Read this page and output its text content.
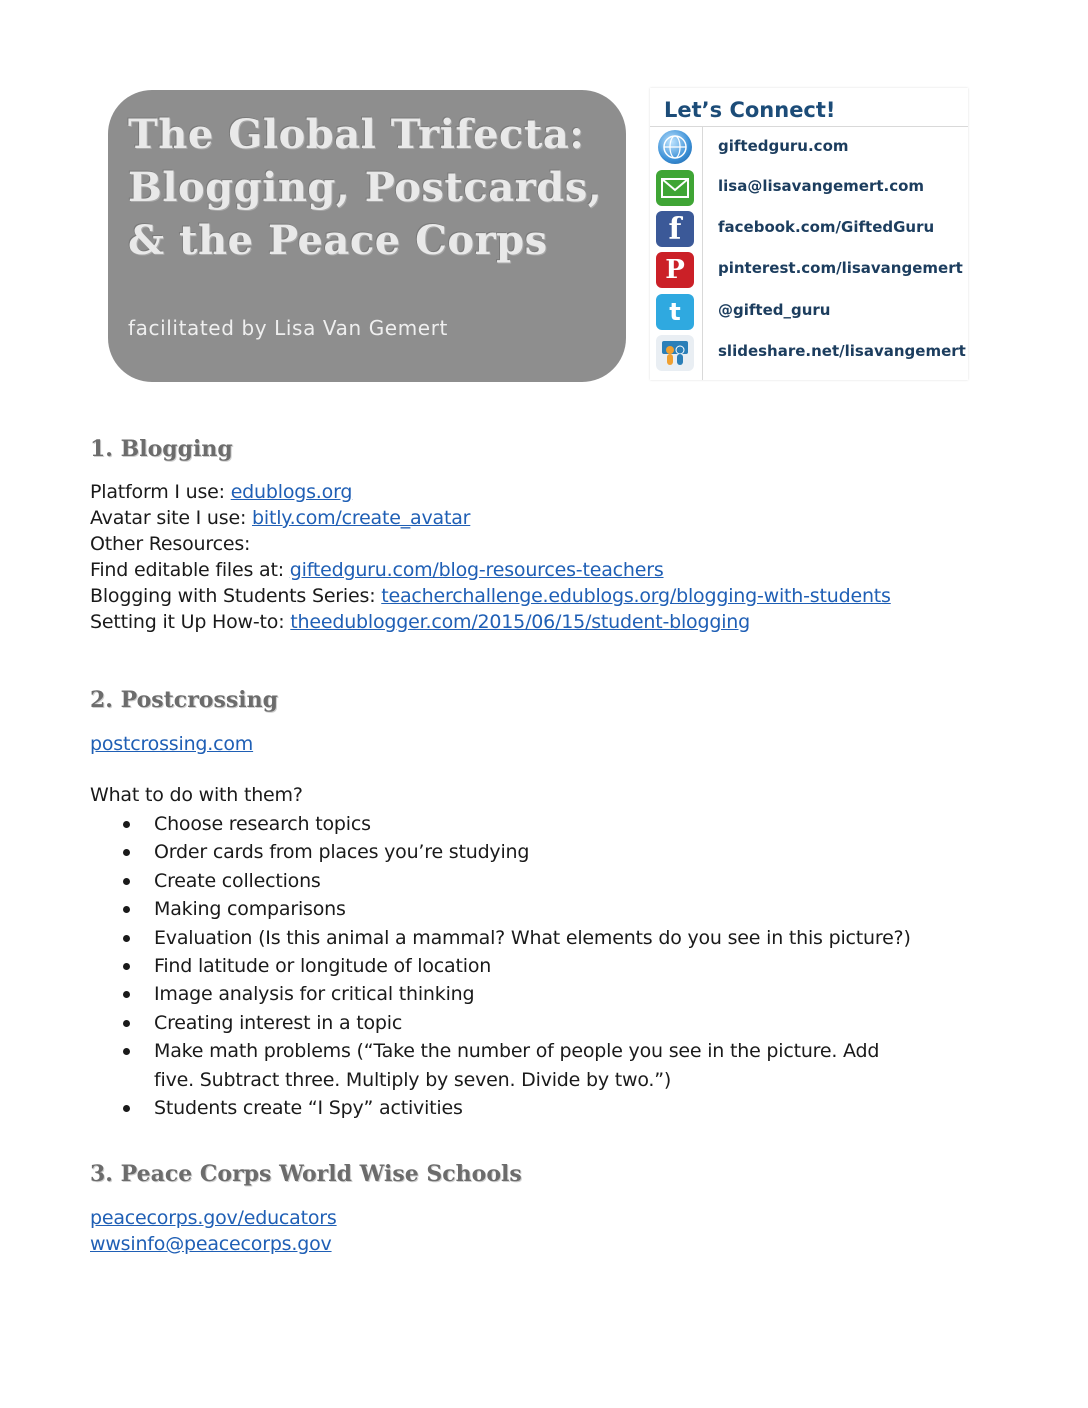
The Global Trifecta:
Blogging, Postcards,
& the Peace Corps
facilitated by Lisa Van Gemert
Let’s Connect!
giftedguru.com
lisa@lisavangemert.com
f	facebook.com/GiftedGuru
P	pinterest.com/lisavangemert
t	@gifted_guru
slideshare.net/lisavangemert
1. Blogging
Platform I use: edublogs.org
Avatar site I use: bitly.com/create_avatar
Other Resources:
Find editable files at: giftedguru.com/blog-resources-teachers
Blogging with Students Series: teacherchallenge.edublogs.org/blogging-with-students
Setting it Up How-to: theedublogger.com/2015/06/15/student-blogging
2. Postcrossing
postcrossing.com
What to do with them?
Choose research topics
Order cards from places you’re studying
Create collections
Making comparisons
Evaluation (Is this animal a mammal? What elements do you see in this picture?)
Find latitude or longitude of location
Image analysis for critical thinking
Creating interest in a topic
Make math problems (“Take the number of people you see in the picture. Add five. Subtract three. Multiply by seven. Divide by two.”)
Students create “I Spy” activities
3. Peace Corps World Wise Schools
peacecorps.gov/educators
wwsinfo@peacecorps.gov
